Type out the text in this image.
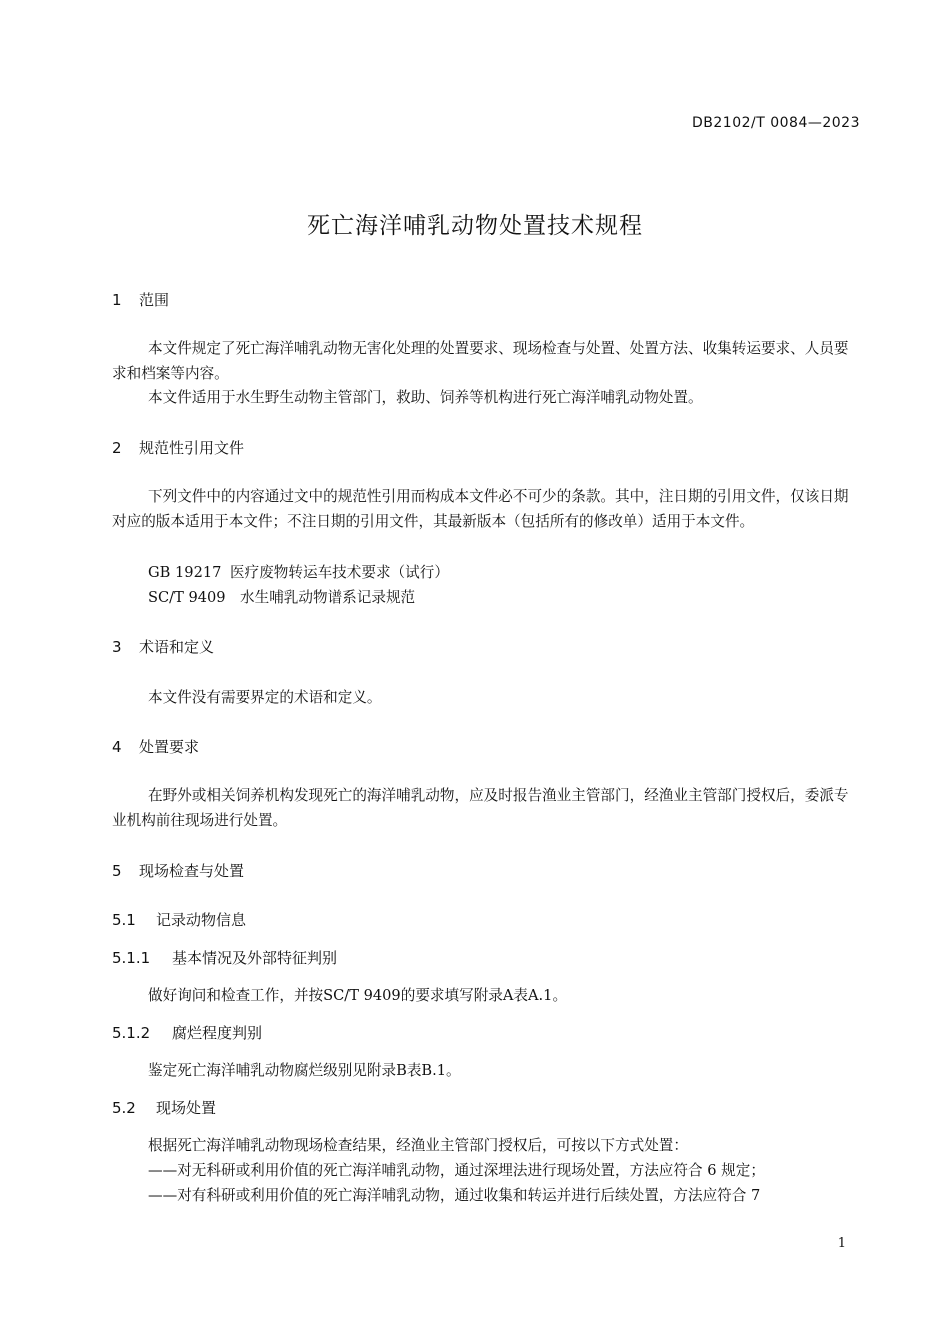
DB2102/T 0084—2023
死亡海洋哺乳动物处置技术规程
1 范围
本文件规定了死亡海洋哺乳动物无害化处理的处置要求、现场检查与处置、处置方法、收集转运要求、人员要求和档案等内容。
本文件适用于水生野生动物主管部门，救助、饲养等机构进行死亡海洋哺乳动物处置。
2 规范性引用文件
下列文件中的内容通过文中的规范性引用而构成本文件必不可少的条款。其中，注日期的引用文件，仅该日期对应的版本适用于本文件；不注日期的引用文件，其最新版本（包括所有的修改单）适用于本文件。
GB 19217 医疗废物转运车技术要求（试行）
SC/T 9409 水生哺乳动物谱系记录规范
3 术语和定义
本文件没有需要界定的术语和定义。
4 处置要求
在野外或相关饲养机构发现死亡的海洋哺乳动物，应及时报告渔业主管部门，经渔业主管部门授权后，委派专业机构前往现场进行处置。
5 现场检查与处置
5.1 记录动物信息
5.1.1 基本情况及外部特征判别
做好询问和检查工作，并按SC/T 9409的要求填写附录A表A.1。
5.1.2 腐烂程度判别
鉴定死亡海洋哺乳动物腐烂级别见附录B表B.1。
5.2 现场处置
根据死亡海洋哺乳动物现场检查结果，经渔业主管部门授权后，可按以下方式处置：
——对无科研或利用价值的死亡海洋哺乳动物，通过深埋法进行现场处置，方法应符合 6 规定；
——对有科研或利用价值的死亡海洋哺乳动物，通过收集和转运并进行后续处置，方法应符合 7
1
